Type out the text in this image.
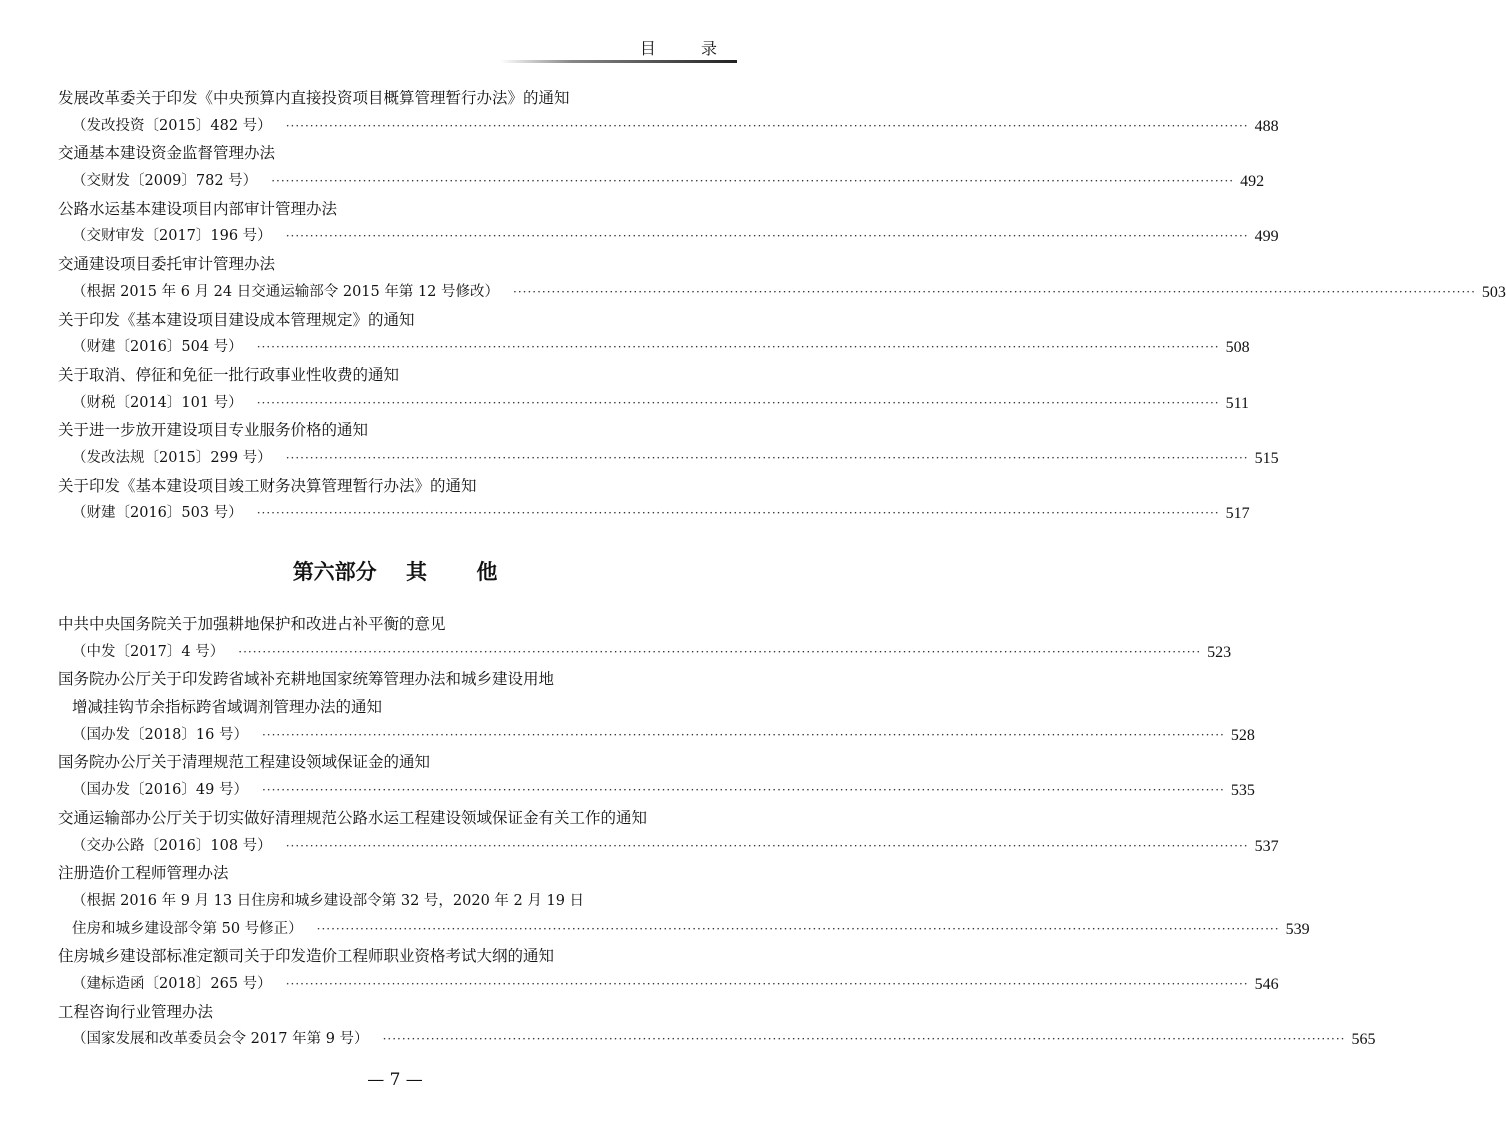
目 录
发展改革委关于印发《中央预算内直接投资项目概算管理暂行办法》的通知
（发改投资〔2015〕482 号） ········································································································································································································ 488
交通基本建设资金监督管理办法
（交财发〔2009〕782 号） ········································································································································································································ 492
公路水运基本建设项目内部审计管理办法
（交财审发〔2017〕196 号） ········································································································································································································ 499
交通建设项目委托审计管理办法
（根据 2015 年 6 月 24 日交通运输部令 2015 年第 12 号修改） ········································································································································································································ 503
关于印发《基本建设项目建设成本管理规定》的通知
（财建〔2016〕504 号） ········································································································································································································ 508
关于取消、停征和免征一批行政事业性收费的通知
（财税〔2014〕101 号） ········································································································································································································ 511
关于进一步放开建设项目专业服务价格的通知
（发改法规〔2015〕299 号） ········································································································································································································ 515
关于印发《基本建设项目竣工财务决算管理暂行办法》的通知
（财建〔2016〕503 号） ········································································································································································································ 517
第六部分 其 他
中共中央国务院关于加强耕地保护和改进占补平衡的意见
（中发〔2017〕4 号） ········································································································································································································ 523
国务院办公厅关于印发跨省域补充耕地国家统筹管理办法和城乡建设用地
增减挂钩节余指标跨省域调剂管理办法的通知
（国办发〔2018〕16 号） ········································································································································································································ 528
国务院办公厅关于清理规范工程建设领域保证金的通知
（国办发〔2016〕49 号） ········································································································································································································ 535
交通运输部办公厅关于切实做好清理规范公路水运工程建设领域保证金有关工作的通知
（交办公路〔2016〕108 号） ········································································································································································································ 537
注册造价工程师管理办法
（根据 2016 年 9 月 13 日住房和城乡建设部令第 32 号，2020 年 2 月 19 日
住房和城乡建设部令第 50 号修正） ········································································································································································································ 539
住房城乡建设部标准定额司关于印发造价工程师职业资格考试大纲的通知
（建标造函〔2018〕265 号） ········································································································································································································ 546
工程咨询行业管理办法
（国家发展和改革委员会令 2017 年第 9 号） ········································································································································································································ 565
— 7 —
